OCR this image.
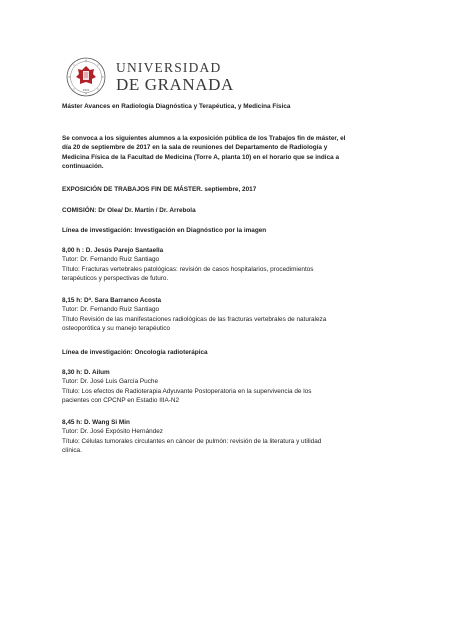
1531
UNIVERSIDAD
DE GRANADA
Máster Avances en Radiología Diagnóstica y Terapéutica, y Medicina Física
Se convoca a los siguientes alumnos a la exposición pública de los Trabajos fin de máster, el
día 20 de septiembre de 2017 en la sala de reuniones del Departamento de Radiología y
Medicina Física de la Facultad de Medicina (Torre A, planta 10) en el horario que se indica a
continuación.
EXPOSICIÓN DE TRABAJOS FIN DE MÁSTER. septiembre, 2017
COMISIÓN: Dr Olea/ Dr. Martín / Dr. Arrebola
Línea de investigación: Investigación en Diagnóstico por la imagen
8,00 h : D. Jesús Parejo Santaella
Tutor: Dr. Fernando Ruiz Santiago
Título: Fracturas vertebrales patológicas: revisión de casos hospitalarios, procedimientos
terapéuticos y perspectivas de futuro.
8,15 h: Dª. Sara Barranco Acosta
Tutor: Dr. Fernando Ruiz Santiago
Título Revisión de las manifestaciones radiológicas de las fracturas vertebrales de naturaleza
osteoporótica y su manejo terapéutico
Línea de investigación: Oncología radioterápica
8,30 h: D. Ailum
Tutor: Dr. José Luis García Puche
Título: Los efectos de Radioterapia Adyuvante Postoperatoria en la supervivencia de los
pacientes con CPCNP en Estadio IIIA-N2
8,45 h: D. Wang Si Min
Tutor: Dr. José Expósito Hernández
Título: Células tumorales circulantes en cáncer de pulmón: revisión de la literatura y utilidad
clínica.
